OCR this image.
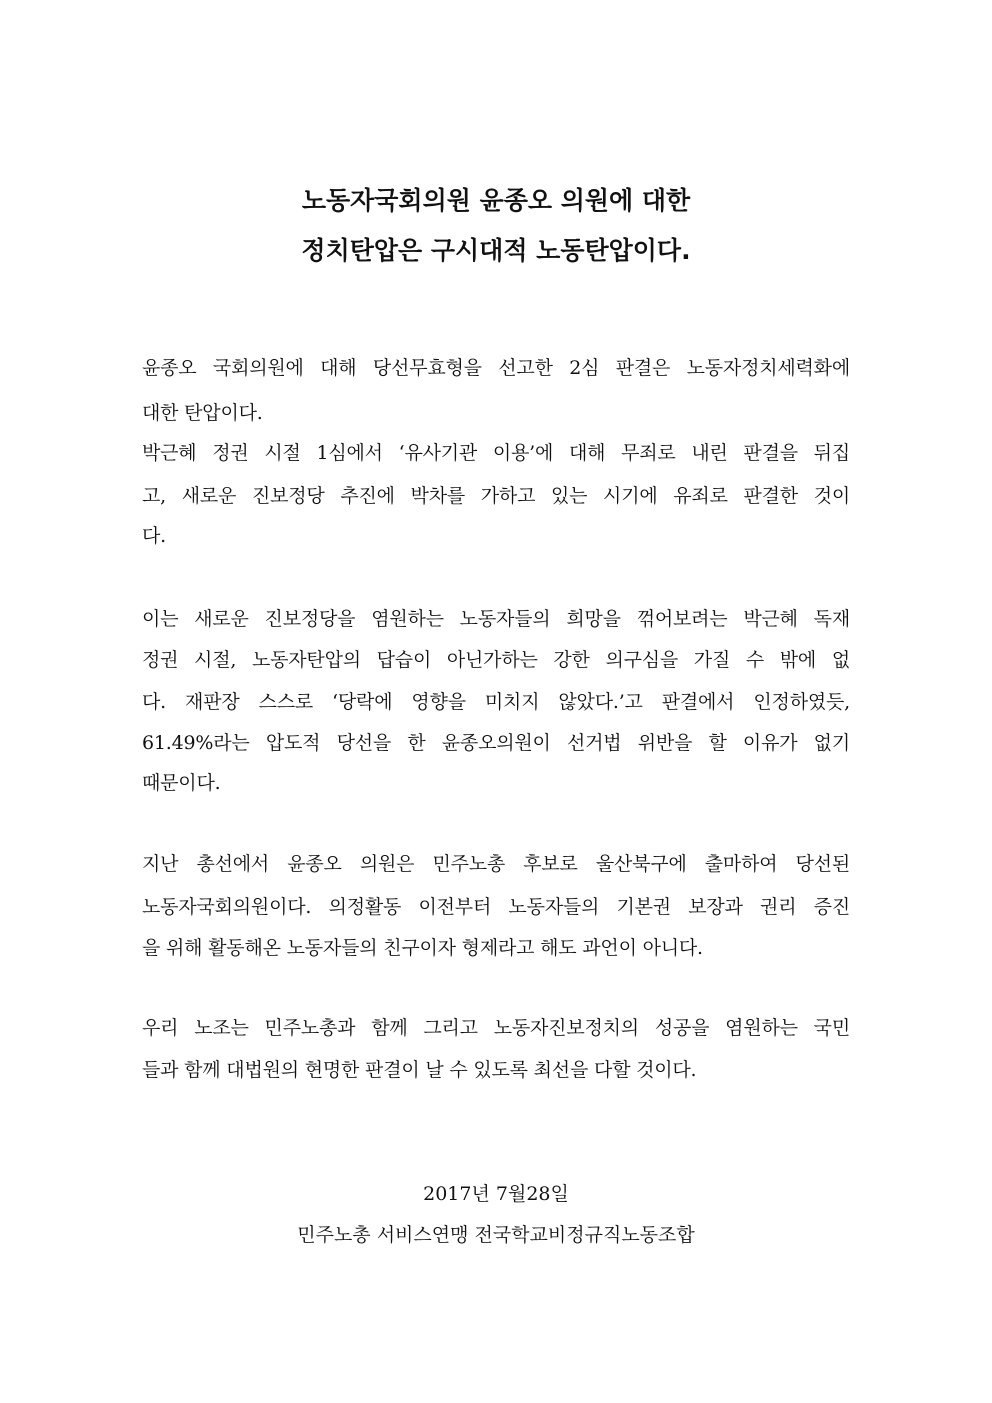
노동자국회의원 윤종오 의원에 대한
정치탄압은 구시대적 노동탄압이다.
윤종오 국회의원에 대해 당선무효형을 선고한 2심 판결은 노동자정치세력화에
대한 탄압이다.
박근혜 정권 시절 1심에서 ‘유사기관 이용’에 대해 무죄로 내린 판결을 뒤집
고, 새로운 진보정당 추진에 박차를 가하고 있는 시기에 유죄로 판결한 것이
다.
이는 새로운 진보정당을 염원하는 노동자들의 희망을 꺾어보려는 박근혜 독재
정권 시절, 노동자탄압의 답습이 아닌가하는 강한 의구심을 가질 수 밖에 없
다. 재판장 스스로 ‘당락에 영향을 미치지 않았다.’고 판결에서 인정하였듯,
61.49%라는 압도적 당선을 한 윤종오의원이 선거법 위반을 할 이유가 없기
때문이다.
지난 총선에서 윤종오 의원은 민주노총 후보로 울산북구에 출마하여 당선된
노동자국회의원이다. 의정활동 이전부터 노동자들의 기본권 보장과 권리 증진
을 위해 활동해온 노동자들의 친구이자 형제라고 해도 과언이 아니다.
우리 노조는 민주노총과 함께 그리고 노동자진보정치의 성공을 염원하는 국민
들과 함께 대법원의 현명한 판결이 날 수 있도록 최선을 다할 것이다.
2017년 7월28일
민주노총 서비스연맹 전국학교비정규직노동조합
